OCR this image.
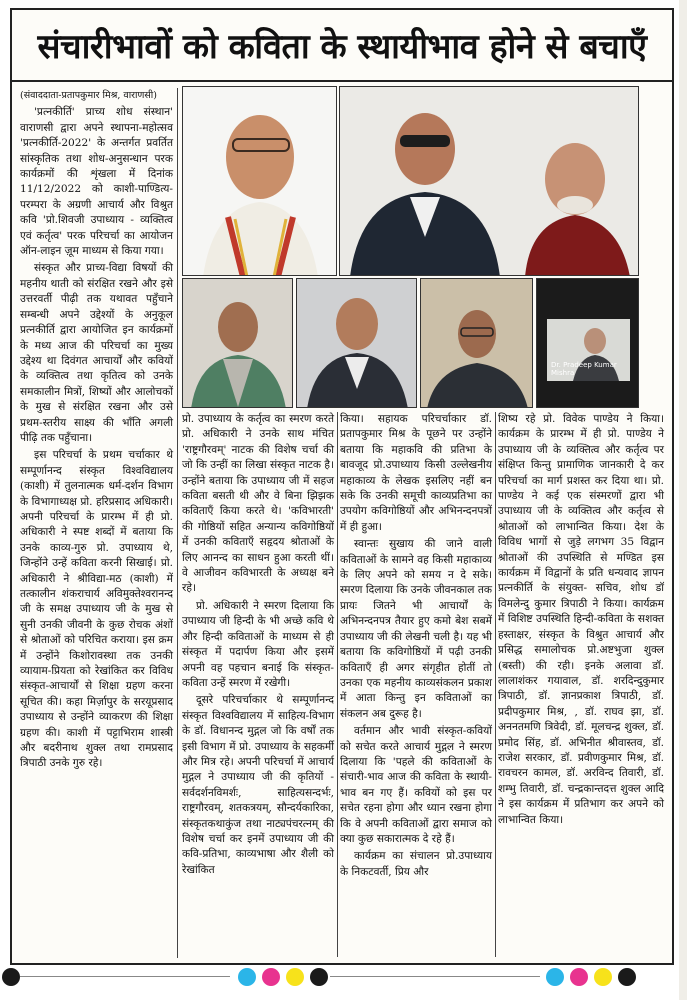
संचारीभावों को कविता के स्थायीभाव होने से बचाएँ

(संवाददाता-प्रतापकुमार मिश्र, वाराणसी)

'प्रत्नकीर्ति' प्राच्य शोध संस्थान' वाराणसी द्वारा अपने स्थापना-महोत्सव 'प्रत्नकीर्ति-2022' के अन्तर्गत प्रवर्तित सांस्कृतिक तथा शोध-अनुसन्धान परक कार्यक्रमों की शृंखला में दिनांक 11/12/2022 को काशी-पाण्डित्य-परम्परा के अग्रणी आचार्य और विश्रुत कवि 'प्रो.शिवजी उपाध्याय - व्यक्तित्व एवं कर्तृत्व' परक परिचर्चा का आयोजन ऑन-लाइन ज़ूम माध्यम से किया गया।

संस्कृत और प्राच्य-विद्या विषयों की महनीय थाती को संरक्षित रखने और इसे उत्तरवर्ती पीढ़ी तक यथावत पहुँचाने सम्बन्धी अपने उद्देश्यों के अनुकूल प्रत्नकीर्ति द्वारा आयोजित इन कार्यक्रमों के मध्य आज की परिचर्चा का मुख्य उद्देश्य था दिवंगत आचार्यों और कवियों के व्यक्तित्व तथा कृतित्व को उनके समकालीन मित्रों, शिष्यों और आलोचकों के मुख से संरक्षित रखना और उसे प्रथम-स्तरीय साक्ष्य की भाँति अगली पीढ़ि तक पहुँचाना।

इस परिचर्चा के प्रथम चर्चाकार थे सम्पूर्णानन्द संस्कृत विश्वविद्यालय (काशी) में तुलनात्मक धर्म-दर्शन विभाग के विभागाध्यक्ष प्रो. हरिप्रसाद अधिकारी। अपनी परिचर्चा के प्रारम्भ में ही प्रो. अधिकारी ने स्पष्ट शब्दों में बताया कि उनके काव्य-गुरु प्रो. उपाध्याय थे, जिन्होंने उन्हें कविता करनी सिखाई। प्रो. अधिकारी ने श्रीविद्या-मठ (काशी) में तत्कालीन शंकराचार्य अविमुक्तेश्वरानन्द जी के समक्ष उपाध्याय जी के मुख से सुनी उनकी जीवनी के कुछ रोचक अंशों से श्रोताओं को परिचित कराया। इस क्रम में उन्होंने किशोरावस्था तक उनकी व्यायाम-प्रियता को रेखांकित कर विविध संस्कृत-आचार्यों से शिक्षा ग्रहण करना सूचित की। कहा मिर्ज़ापुर के सरयूप्रसाद उपाध्याय से उन्होंने व्याकरण की शिक्षा ग्रहण की। काशी में पट्टाभिराम शास्त्री और बदरीनाथ शुक्ल तथा रामप्रसाद त्रिपाठी उनके गुरु रहे।

Dr. Pradeep Kumar Mishra

प्रो. उपाध्याय के कर्तृत्व का स्मरण करते प्रो. अधिकारी ने उनके साथ मंचित 'राष्ट्रगौरवम्' नाटक की विशेष चर्चा की जो कि उन्हीं का लिखा संस्कृत नाटक है। उन्होंने बताया कि उपाध्याय जी में सहज कविता बसती थी और वे बिना झिझक कविताएँ किया करते थे। 'कविभारती' की गोष्ठियों सहित अन्यान्य कविगोष्ठियों में उनकी कविताएँ सहृदय श्रोताओं के लिए आनन्द का साधन हुआ करती थीं। वे आजीवन कविभारती के अध्यक्ष बने रहे।

प्रो. अधिकारी ने स्मरण दिलाया कि उपाध्याय जी हिन्दी के भी अच्छे कवि थे और हिन्दी कविताओं के माध्यम से ही संस्कृत में पदार्पण किया और इसमें अपनी वह पहचान बनाई कि संस्कृत-कविता उन्हें स्मरण में रखेगी।

दूसरे परिचर्चाकार थे सम्पूर्णानन्द संस्कृत विश्वविद्यालय में साहित्य-विभाग के डॉ. विधानन्द मुद्गल जो कि वर्षों तक इसी विभाग में प्रो. उपाध्याय के सहकर्मी और मित्र रहे। अपनी परिचर्चा में आचार्य मुद्गल ने उपाध्याय जी की कृतियों - सर्वदर्शनविमर्शः, साहित्यसन्दर्भः, राष्ट्रगौरवम्, शतकत्रयम्, सौन्दर्यकारिका, संस्कृतकथाकुंज तथा नाट्यपंचरत्नम् की विशेष चर्चा कर इनमें उपाध्याय जी की कवि-प्रतिभा, काव्यभाषा और शैली को रेखांकित

किया। सहायक परिचर्चाकार डॉ. प्रतापकुमार मिश्र के पूछने पर उन्होंने बताया कि महाकवि की प्रतिभा के बावजूद प्रो.उपाध्याय किसी उल्लेखनीय महाकाव्य के लेखक इसलिए नहीं बन सके कि उनकी समूची काव्यप्रतिभा का उपयोग कविगोष्ठियों और अभिनन्दनपत्रों में ही हुआ।

स्वान्तः सुखाय की जाने वाली कविताओं के सामने वह किसी महाकाव्य के लिए अपने को समय न दे सके। स्मरण दिलाया कि उनके जीवनकाल तक प्रायः जितने भी आचार्यों के अभिनन्दनपत्र तैयार हुए कमो बेश सबमें उपाध्याय जी की लेखनी चली है। यह भी बताया कि कविगोष्ठियों में पढ़ी उनकी कविताएँ ही अगर संगृहीत होतीं तो उनका एक महनीय काव्यसंकलन प्रकाश में आता किन्तु इन कविताओं का संकलन अब दुरूह है।

वर्तमान और भावी संस्कृत-कवियों को सचेत करते आचार्य मुद्गल ने स्मरण दिलाया कि 'पहले की कविताओं के संचारी-भाव आज की कविता के स्थायी-भाव बन गए हैं। कवियों को इस पर सचेत रहना होगा और ध्यान रखना होगा कि वे अपनी कविताओं द्वारा समाज को क्या कुछ सकारात्मक दे रहे हैं।

कार्यक्रम का संचालन प्रो.उपाध्याय के निकटवर्ती, प्रिय और

शिष्य रहे प्रो. विवेक पाण्डेय ने किया। कार्यक्रम के प्रारम्भ में ही प्रो. पाण्डेय ने उपाध्याय जी के व्यक्तित्व और कर्तृत्व पर संक्षिप्त किन्तु प्रामाणिक जानकारी दे कर परिचर्चा का मार्ग प्रशस्त कर दिया था। प्रो. पाण्डेय ने कई एक संस्मरणों द्वारा भी उपाध्याय जी के व्यक्तित्व और कर्तृत्व से श्रोताओं को लाभान्वित किया। देश के विविध भागों से जुड़े लगभग 35 विद्वान श्रोताओं की उपस्थिति से मण्डित इस कार्यक्रम में विद्वानों के प्रति धन्यवाद ज्ञापन प्रत्नकीर्ति के संयुक्त- सचिव, शोध डॉ विमलेन्दु कुमार त्रिपाठी ने किया। कार्यक्रम में विशिष्ट उपस्थिति हिन्दी-कविता के सशक्त हस्ताक्षर, संस्कृत के विश्रुत आचार्य और प्रसिद्ध समालोचक प्रो.अष्टभुजा शुक्ल (बस्ती) की रही। इनके अलावा डॉ. लालाशंकर गयावाल, डॉ. शरदिन्दुकुमार त्रिपाठी, डॉ. ज्ञानप्रकाश त्रिपाठी, डॉ. प्रदीपकुमार मिश्र, , डॉ. राघव झा, डॉ. अननतमणि त्रिवेदी, डॉ. मूलचन्द्र शुक्ल, डॉ. प्रमोद सिंह, डॉ. अभिनीत श्रीवास्तव, डॉ. राजेश सरकार, डॉ. प्रवीणकुमार मिश्र, डॉ. रावचरन कामल, डॉ. अरविन्द तिवारी, डॉ. शम्भु तिवारी, डॉ. चन्द्रकान्तदत्त शुक्ल आदि ने इस कार्यक्रम में प्रतिभाग कर अपने को लाभान्वित किया।
